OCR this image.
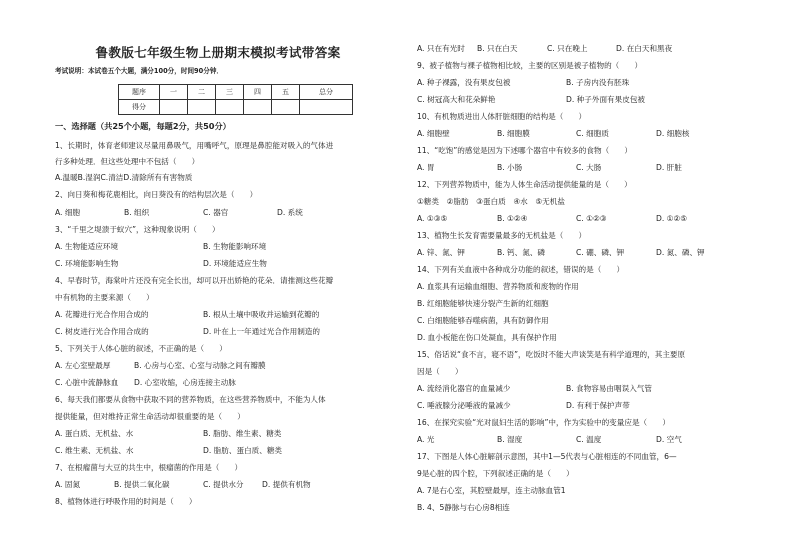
鲁教版七年级生物上册期末模拟考试带答案
考试说明：本试卷五个大题，满分100分，时间90分钟．
题序	一	二	三	四	五	总分
得分						
一、选择题（共25个小题，每题2分，共50分）
1、长期时，体育老师建议尽量用鼻吸气，用嘴呼气，原理是鼻腔能对吸入的气体进
行多种处理．但这些处理中不包括（　　）
A.温暖B.湿润C.清洁D.清除所有有害物质
2、向日葵和梅花鹿相比，向日葵没有的结构层次是（　　）
A. 细胞	B. 组织	C. 器官	D. 系统
3、“千里之堤溃于蚁穴”，这种现象说明（　　）
A. 生物能适应环境	B. 生物能影响环境
C. 环境能影响生物	D. 环境能适应生物
4、早春时节，海棠叶片还没有完全长出，却可以开出娇艳的花朵．请推测这些花瓣
中有机物的主要来源（　　）
A. 花瓣进行光合作用合成的	B. 根从土壤中吸收并运输到花瓣的
C. 树皮进行光合作用合成的	D. 叶在上一年通过光合作用制造的
5、下列关于人体心脏的叙述，不正确的是（　　）
A. 左心室壁最厚	B. 心房与心室、心室与动脉之间有瓣膜
C. 心脏中流静脉血 D. 心室收缩，心房连接主动脉
6、每天我们都要从食物中获取不同的营养物质，在这些营养物质中，不能为人体
提供能量，但对维持正常生命活动却很重要的是（　　）
A. 蛋白质、无机盐、水	B. 脂肪、维生素、糖类
C. 维生素、无机盐、水	D. 脂肪、蛋白质、糖类
7、在根瘤菌与大豆的共生中，根瘤菌的作用是（　　）
A. 固氮	B. 提供二氧化碳	C. 提供水分 D. 提供有机物
8、植物体进行呼吸作用的时间是（　　）
A. 只在有光时 B. 只在白天	C. 只在晚上	D. 在白天和黑夜
9、被子植物与裸子植物相比较，主要的区别是被子植物的（　　）
A. 种子裸露，没有果皮包被	B. 子房内没有胚珠
C. 树冠高大和花朵鲜艳	D. 种子外面有果皮包被
10、有机物质进出人体肝脏细胞的结构是（　　）
A. 细胞壁	B. 细胞膜	C. 细胞质	D. 细胞核
11、“吃饱”的感觉是因为下述哪个器官中有较多的食物（　　）
A. 胃	B. 小肠	C. 大肠	D. 肝脏
12、下列营养物质中，能为人体生命活动提供能量的是（　　）
①糖类　②脂肪　③蛋白质　④水　⑤无机盐
A. ①③⑤	B. ①②④	C. ①②③	D. ①②⑤
13、植物生长发育需要量最多的无机盐是（　　）
A. 锌、氮、钾	B. 钙、氮、磷	C. 硼、磷、钾	D. 氮、磷、钾
14、下列有关血液中各种成分功能的叙述，错误的是（　　）
A. 血浆具有运输血细胞、营养物质和废物的作用
B. 红细胞能够快速分裂产生新的红细胞
C. 白细胞能够吞噬病菌，具有防御作用
D. 血小板能在伤口处凝血，具有保护作用
15、俗话说“食不言，寝不语”，吃饭时不能大声谈笑是有科学道理的，其主要原
因是（　　）
A. 流经消化器官的血量减少	B. 食物容易由咽误入气管
C. 唾液腺分泌唾液的量减少	D. 有利于保护声带
16、在探究实验“光对鼠妇生活的影响”中，作为实验中的变量应是（　　）
A. 光	B. 湿度	C. 温度	D. 空气
17、下图是人体心脏解剖示意图，其中1—5代表与心脏相连的不同血管，6—
9是心脏的四个腔，下列叙述正确的是（　　）
A. 7是右心室，其腔壁最厚，连主动脉血管1
B. 4、5静脉与右心房8相连
